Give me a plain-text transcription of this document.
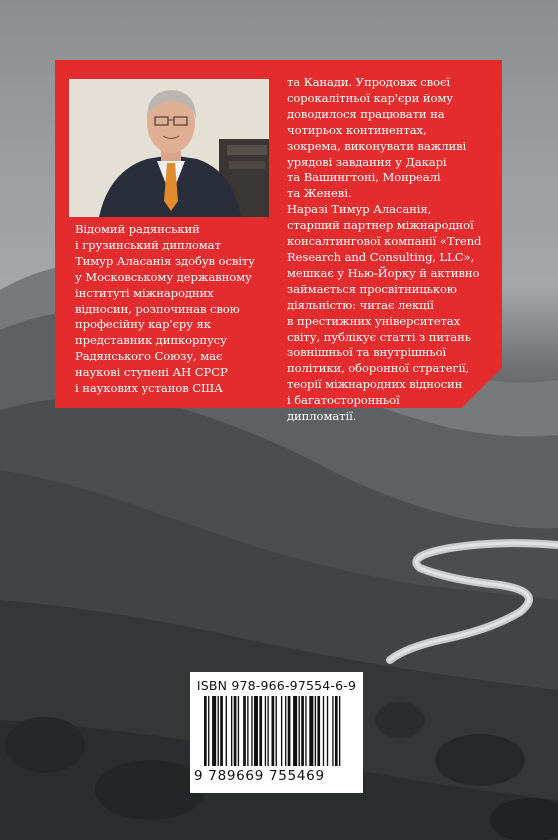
Відомий радянський
і грузинський дипломат
Тимур Аласанія здобув освіту
у Московському державному
інституті міжнародних
відносин, розпочинав свою
професійну кар'єру як
представник дипкорпусу
Радянського Союзу, має
наукові ступені АН СРСР
і наукових установ США
та Канади. Упродовж своєї
сорокалітньої кар'єри йому
доводилося працювати на
чотирьох континентах,
зокрема, виконувати важливі
урядові завдання у Дакарі
та Вашингтоні, Монреалі
та Женеві.
Наразі Тимур Аласанія,
старший партнер міжнародної
консалтингової компанії «Trend
Research and Consulting, LLC»,
мешкає у Нью-Йорку й активно
займається просвітницькою
діяльністю: читає лекції
в престижних університетах
світу, публікує статті з питань
зовнішньої та внутрішньої
політики, оборонної стратегії,
теорії міжнародних відносин
і багатосторонньої
дипломатії.
ISBN 978-966-97554-6-9
9 789669 755469
